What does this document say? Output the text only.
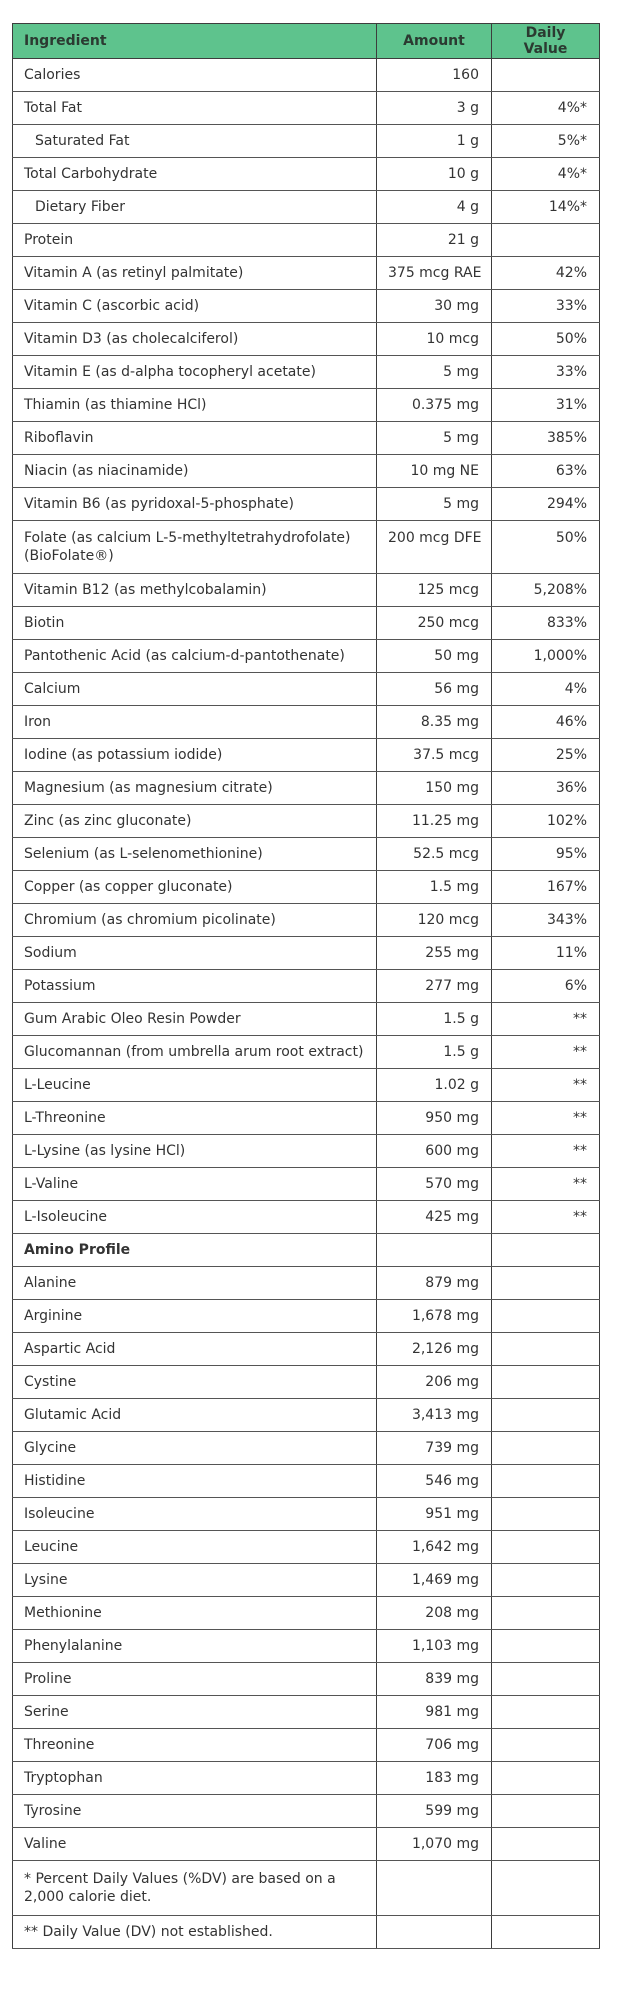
Ingredient	Amount	Daily Value
Calories	160	
Total Fat	3 g	4%*
Saturated Fat	1 g	5%*
Total Carbohydrate	10 g	4%*
Dietary Fiber	4 g	14%*
Protein	21 g	
Vitamin A (as retinyl palmitate)	375 mcg RAE	42%
Vitamin C (ascorbic acid)	30 mg	33%
Vitamin D3 (as cholecalciferol)	10 mcg	50%
Vitamin E (as d-alpha tocopheryl acetate)	5 mg	33%
Thiamin (as thiamine HCl)	0.375 mg	31%
Riboflavin	5 mg	385%
Niacin (as niacinamide)	10 mg NE	63%
Vitamin B6 (as pyridoxal-5-phosphate)	5 mg	294%
Folate (as calcium L-5-methyltetrahydrofolate) (BioFolate®)	200 mcg DFE	50%
Vitamin B12 (as methylcobalamin)	125 mcg	5,208%
Biotin	250 mcg	833%
Pantothenic Acid (as calcium-d-pantothenate)	50 mg	1,000%
Calcium	56 mg	4%
Iron	8.35 mg	46%
Iodine (as potassium iodide)	37.5 mcg	25%
Magnesium (as magnesium citrate)	150 mg	36%
Zinc (as zinc gluconate)	11.25 mg	102%
Selenium (as L-selenomethionine)	52.5 mcg	95%
Copper (as copper gluconate)	1.5 mg	167%
Chromium (as chromium picolinate)	120 mcg	343%
Sodium	255 mg	11%
Potassium	277 mg	6%
Gum Arabic Oleo Resin Powder	1.5 g	**
Glucomannan (from umbrella arum root extract)	1.5 g	**
L-Leucine	1.02 g	**
L-Threonine	950 mg	**
L-Lysine (as lysine HCl)	600 mg	**
L-Valine	570 mg	**
L-Isoleucine	425 mg	**
Amino Profile		
Alanine	879 mg	
Arginine	1,678 mg	
Aspartic Acid	2,126 mg	
Cystine	206 mg	
Glutamic Acid	3,413 mg	
Glycine	739 mg	
Histidine	546 mg	
Isoleucine	951 mg	
Leucine	1,642 mg	
Lysine	1,469 mg	
Methionine	208 mg	
Phenylalanine	1,103 mg	
Proline	839 mg	
Serine	981 mg	
Threonine	706 mg	
Tryptophan	183 mg	
Tyrosine	599 mg	
Valine	1,070 mg	
* Percent Daily Values (%DV) are based on a 2,000 calorie diet.		
** Daily Value (DV) not established.		
